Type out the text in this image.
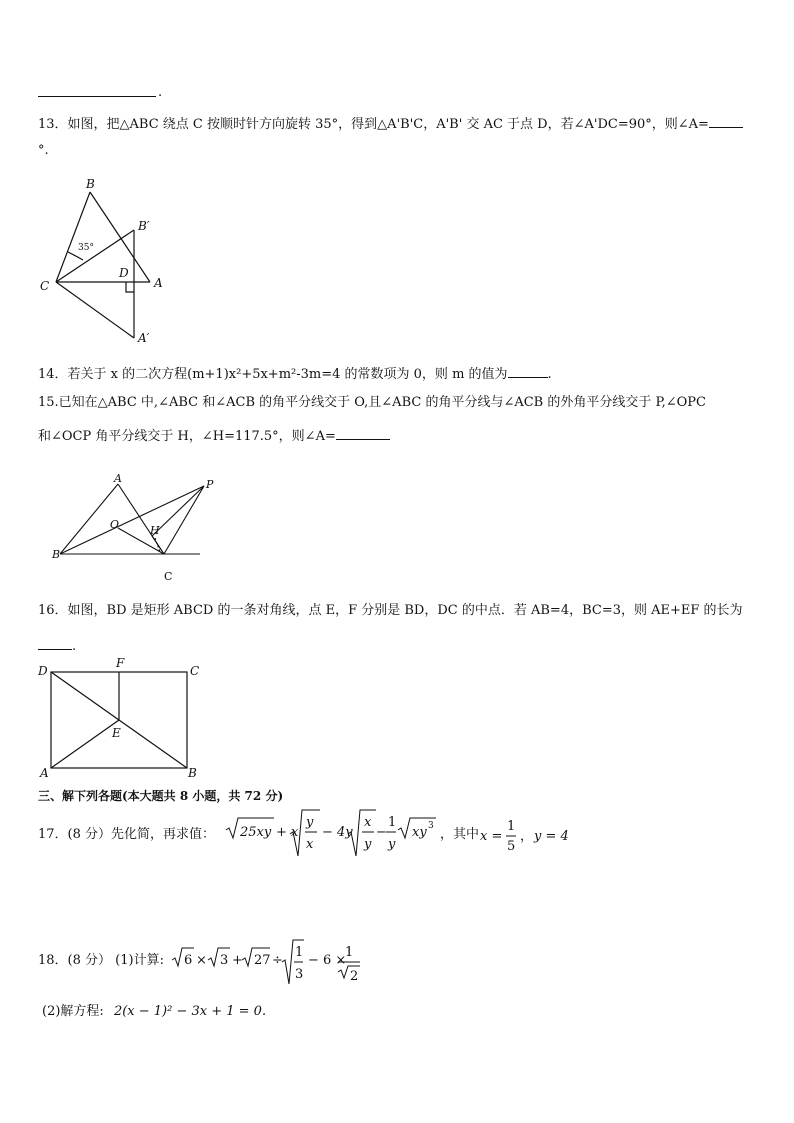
.
13．如图，把△ABC 绕点 C 按顺时针方向旋转 35°，得到△A'B'C，A'B' 交 AC 于点 D，若∠A'DC=90°，则∠A=
°.
B
B′
C
D
A
A′
35°
14．若关于 x 的二次方程(m+1)x²+5x+m²-3m=4 的常数项为 0，则 m 的值为	.
15.已知在△ABC 中,∠ABC 和∠ACB 的角平分线交于 O,且∠ABC 的角平分线与∠ACB 的外角平分线交于 P,∠OPC
和∠OCP 角平分线交于 H，∠H=117.5°，则∠A=
A	P
O	H
B
C
16．如图，BD 是矩形 ABCD 的一条对角线，点 E，F 分别是 BD，DC 的中点．若 AB=4，BC=3，则 AE+EF 的长为
.
D
F
C
E
A	B
三、解下列各题(本大题共 8 小题，共 72 分)
17．(8 分）先化简，再求值： 25xy + x
y
x
− 4y
x
y
−
1
y
xy 3
，其中 x =
1
5
， y = 4
18．(8 分） (1)计算: 6 × 3 + 27 ÷
1
3
− 6 ×
1
2
(2)解方程: 2(x − 1)² − 3x + 1 = 0.
